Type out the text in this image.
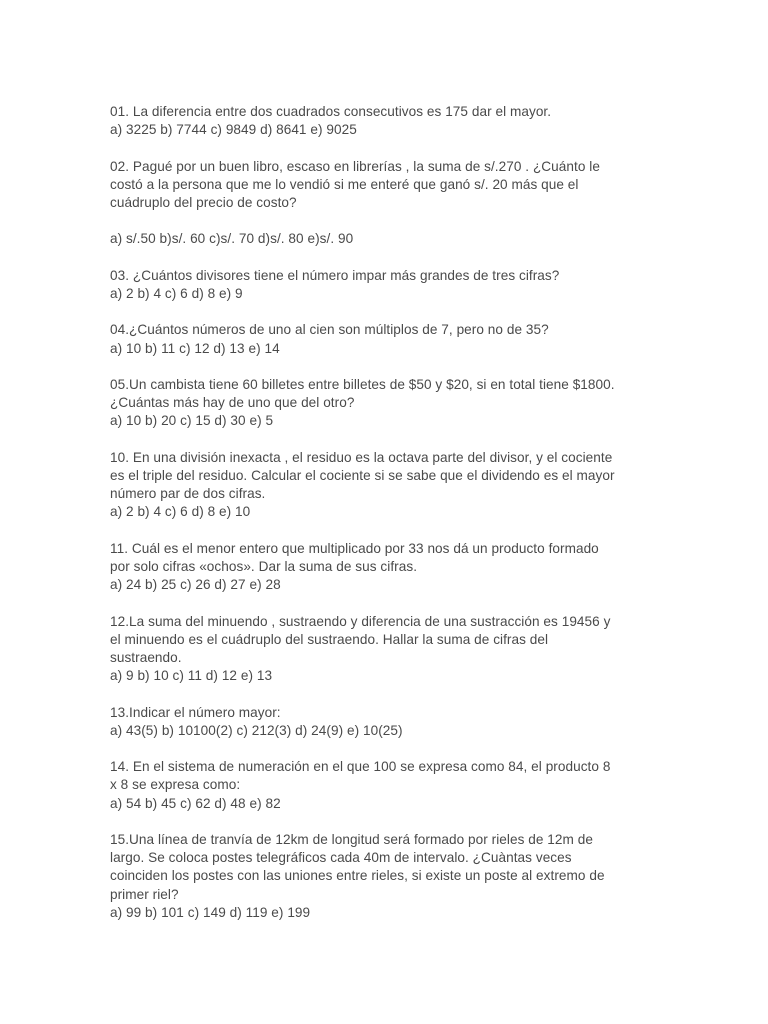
01. La diferencia entre dos cuadrados consecutivos es 175 dar el mayor.

a) 3225 b) 7744 c) 9849 d) 8641 e) 9025

02. Pagué por un buen libro, escaso en librerías , la suma de s/.270 . ¿Cuánto le
costó a la persona que me lo vendió si me enteré que ganó s/. 20 más que el
cuádruplo del precio de costo?

a) s/.50 b)s/. 60 c)s/. 70 d)s/. 80 e)s/. 90

03. ¿Cuántos divisores tiene el número impar más grandes de tres cifras?

a) 2 b) 4 c) 6 d) 8 e) 9

04.¿Cuántos números de uno al cien son múltiplos de 7, pero no de 35?

a) 10 b) 11 c) 12 d) 13 e) 14

05.Un cambista tiene 60 billetes entre billetes de $50 y $20, si en total tiene $1800.
¿Cuántas más hay de uno que del otro?

a) 10 b) 20 c) 15 d) 30 e) 5

10. En una división inexacta , el residuo es la octava parte del divisor, y el cociente
es el triple del residuo. Calcular el cociente si se sabe que el dividendo es el mayor
número par de dos cifras.

a) 2 b) 4 c) 6 d) 8 e) 10

11. Cuál es el menor entero que multiplicado por 33 nos dá un producto formado
por solo cifras «ochos». Dar la suma de sus cifras.

a) 24 b) 25 c) 26 d) 27 e) 28

12.La suma del minuendo , sustraendo y diferencia de una sustracción es 19456 y
el minuendo es el cuádruplo del sustraendo. Hallar la suma de cifras del
sustraendo.

a) 9 b) 10 c) 11 d) 12 e) 13

13.Indicar el número mayor:

a) 43(5) b) 10100(2) c) 212(3) d) 24(9) e) 10(25)

14. En el sistema de numeración en el que 100 se expresa como 84, el producto 8
x 8 se expresa como:

a) 54 b) 45 c) 62 d) 48 e) 82

15.Una línea de tranvía de 12km de longitud será formado por rieles de 12m de
largo. Se coloca postes telegráficos cada 40m de intervalo. ¿Cuàntas veces
coinciden los postes con las uniones entre rieles, si existe un poste al extremo de
primer riel?

a) 99 b) 101 c) 149 d) 119 e) 199
